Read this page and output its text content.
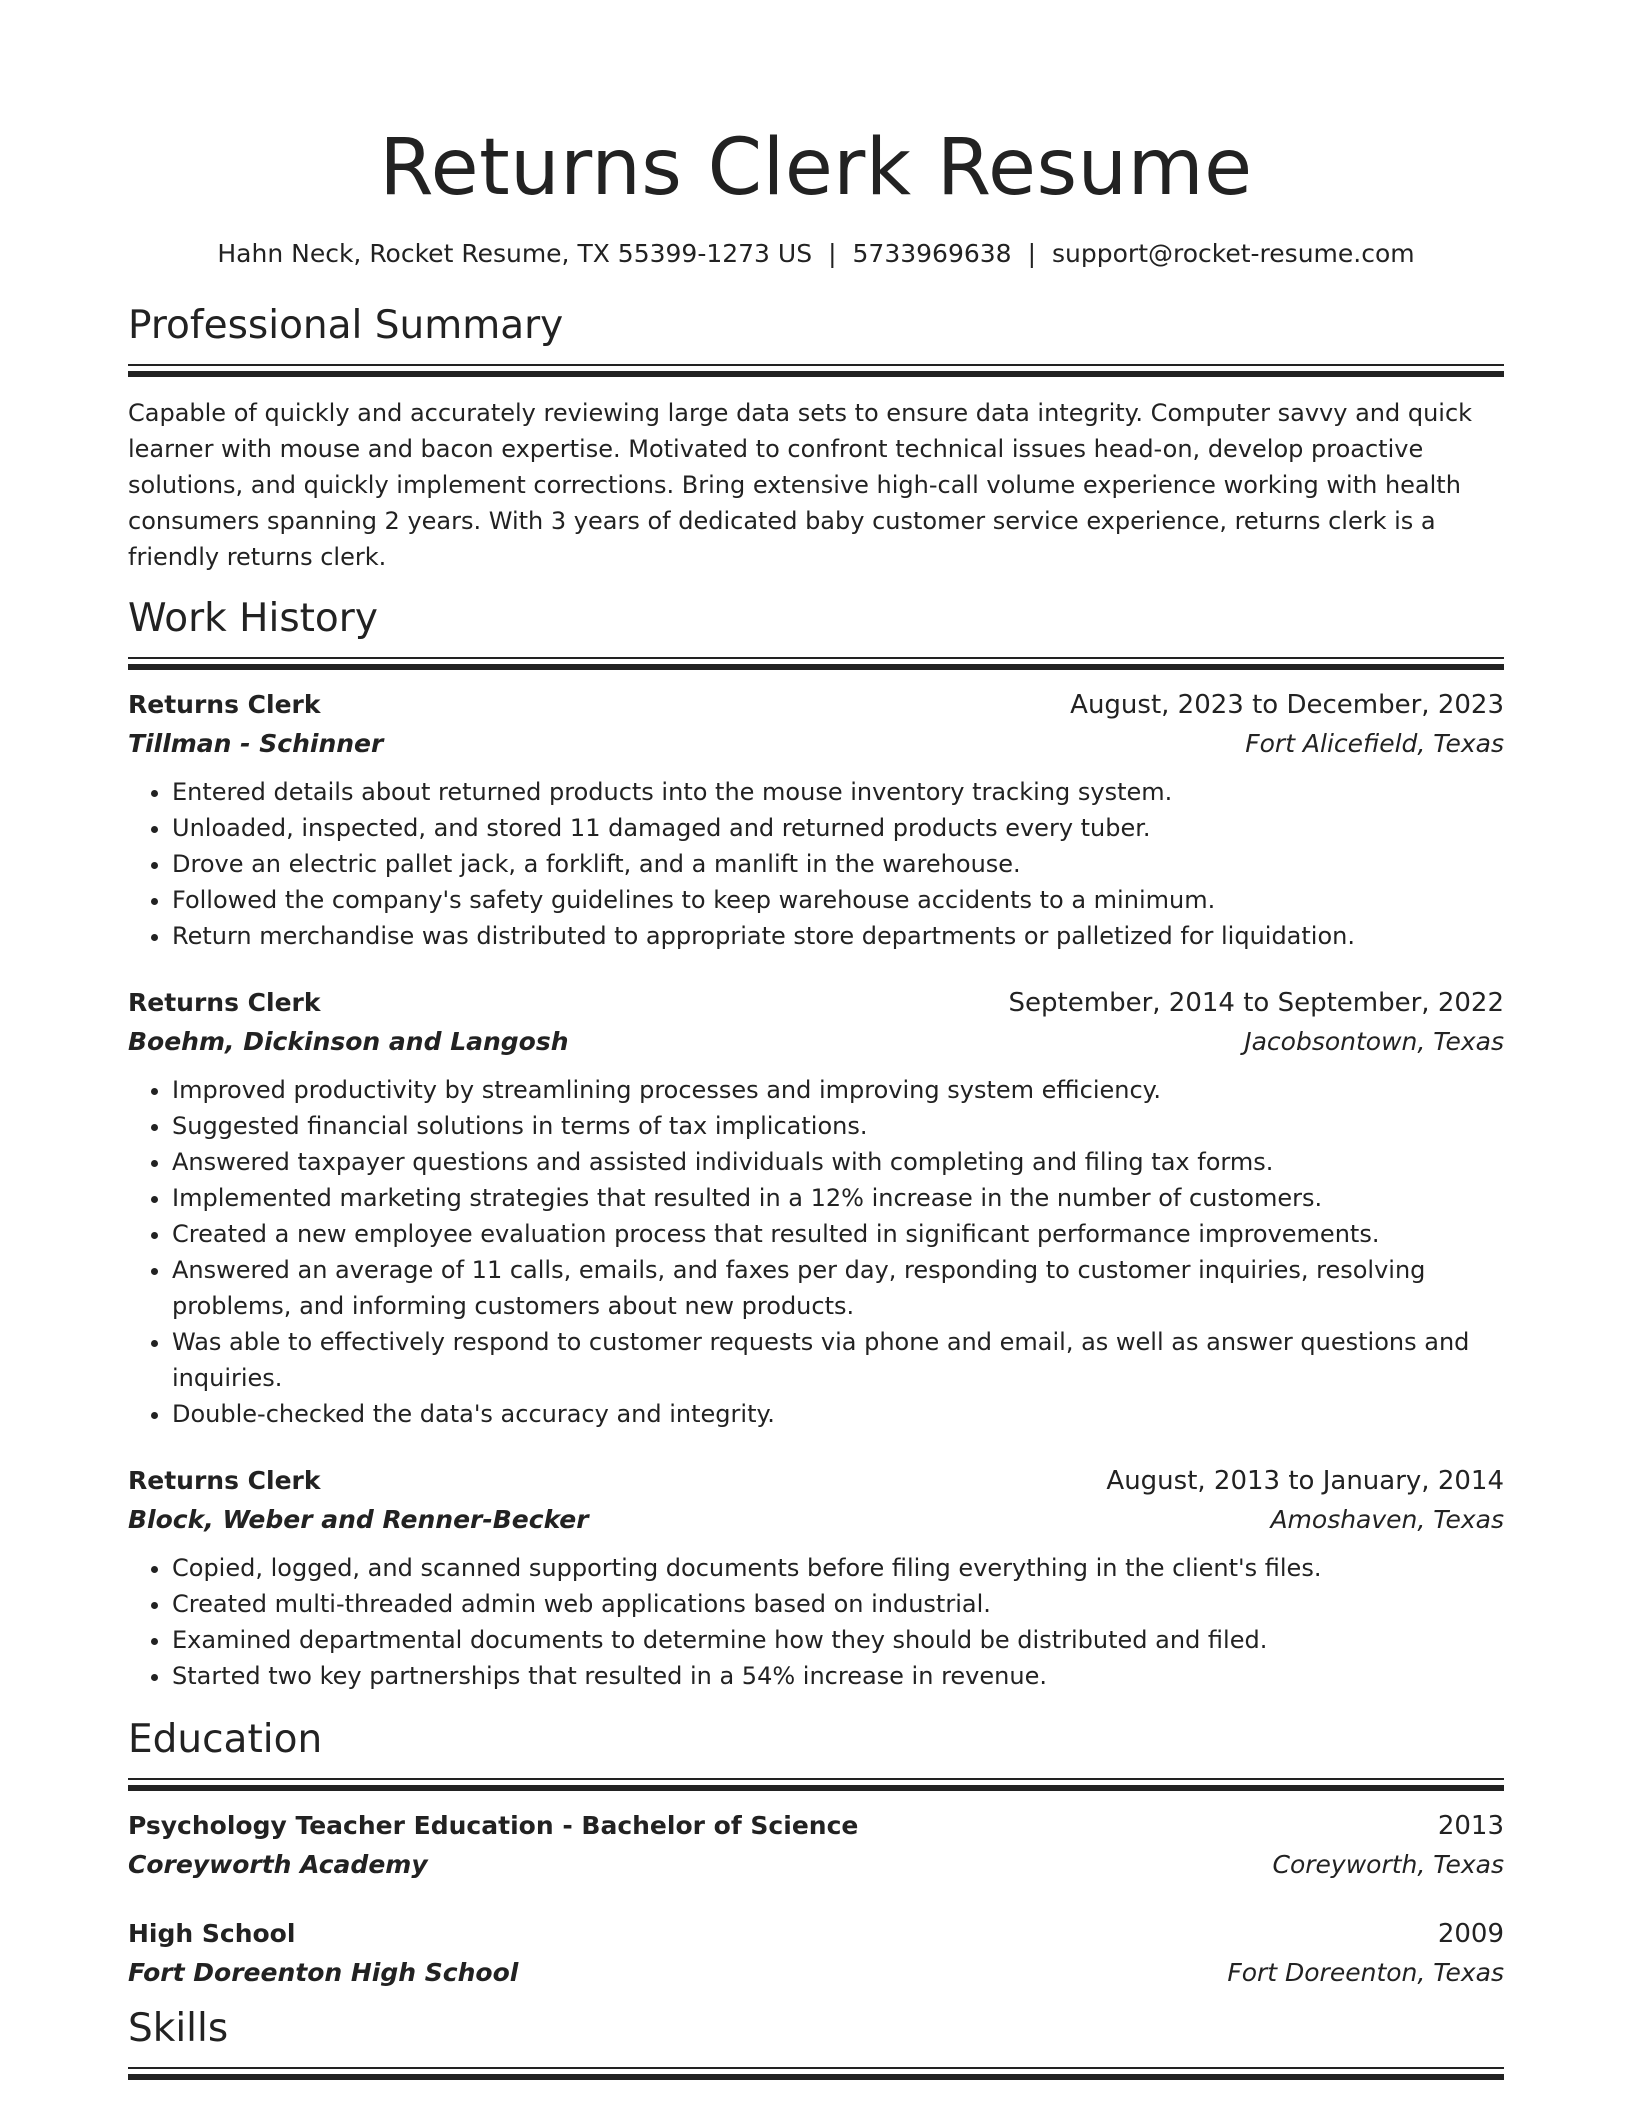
Returns Clerk Resume
Hahn Neck, Rocket Resume, TX 55399-1273 US | 5733969638 | support@rocket-resume.com
Professional Summary

Capable of quickly and accurately reviewing large data sets to ensure data integrity. Computer savvy and quick learner with mouse and bacon expertise. Motivated to confront technical issues head-on, develop proactive solutions, and quickly implement corrections. Bring extensive high-call volume experience working with health consumers spanning 2 years. With 3 years of dedicated baby customer service experience, returns clerk is a friendly returns clerk.

Work History
Returns Clerk	August, 2023 to December, 2023
Tillman - Schinner	Fort Alicefield, Texas
• Entered details about returned products into the mouse inventory tracking system.
• Unloaded, inspected, and stored 11 damaged and returned products every tuber.
• Drove an electric pallet jack, a forklift, and a manlift in the warehouse.
• Followed the company's safety guidelines to keep warehouse accidents to a minimum.
• Return merchandise was distributed to appropriate store departments or palletized for liquidation.
Returns Clerk	September, 2014 to September, 2022
Boehm, Dickinson and Langosh	Jacobsontown, Texas
• Improved productivity by streamlining processes and improving system efficiency.
• Suggested financial solutions in terms of tax implications.
• Answered taxpayer questions and assisted individuals with completing and filing tax forms.
• Implemented marketing strategies that resulted in a 12% increase in the number of customers.
• Created a new employee evaluation process that resulted in significant performance improvements.
• Answered an average of 11 calls, emails, and faxes per day, responding to customer inquiries, resolving problems, and informing customers about new products.
• Was able to effectively respond to customer requests via phone and email, as well as answer questions and inquiries.
• Double-checked the data's accuracy and integrity.
Returns Clerk	August, 2013 to January, 2014
Block, Weber and Renner-Becker	Amoshaven, Texas
• Copied, logged, and scanned supporting documents before filing everything in the client's files.
• Created multi-threaded admin web applications based on industrial.
• Examined departmental documents to determine how they should be distributed and filed.
• Started two key partnerships that resulted in a 54% increase in revenue.
Education
Psychology Teacher Education - Bachelor of Science	2013
Coreyworth Academy	Coreyworth, Texas
High School	2009
Fort Doreenton High School	Fort Doreenton, Texas
Skills
